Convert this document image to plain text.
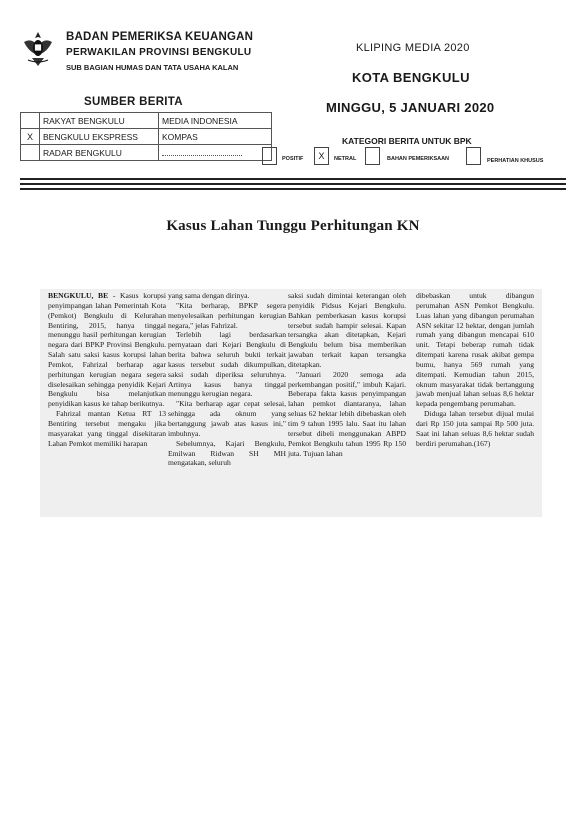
BADAN PEMERIKSA KEUANGAN
PERWAKILAN PROVINSI BENGKULU
SUB BAGIAN HUMAS DAN TATA USAHA KALAN
KLIPING MEDIA 2020
KOTA BENGKULU
MINGGU, 5 JANUARI 2020
SUMBER BERITA
	RAKYAT BENGKULU	MEDIA INDONESIA
X	BENGKULU EKSPRESS	KOMPAS
	RADAR BENGKULU	
KATEGORI BERITA UNTUK BPK
POSITIF	X	NETRAL	BAHAN PEMERIKSAAN	PERHATIAN KHUSUS
Kasus Lahan Tunggu Perhitungan KN

BENGKULU, BE - Kasus korupsi penyimpangan lahan Pemerintah Kota (Pemkot) Bengkulu di Kelurahan Bentiring, 2015, hanya tinggal menunggu hasil perhitungan kerugian negara dari BPKP Provinsi Bengkulu. Salah satu saksi kasus korupsi lahan Pemkot, Fahrizal berharap agar perhitungan kerugian negara segera diselesaikan sehingga penyidik Kejari Bengkulu bisa melanjutkan penyidikan kasus ke tahap berikutnya.

Fahrizal mantan Ketua RT 13 Bentiring tersebut mengaku jika masyarakat yang tinggal disekitaran Lahan Pemkot memiliki harapan

yang sama dengan dirinya.

"Kita berharap, BPKP segera menyelesaikan perhitungan kerugian negara," jelas Fahrizal.

Terlebih lagi berdasarkan pernyataan dari Kejari Bengkulu di berita bahwa seluruh bukti terkait kasus tersebut sudah dikumpulkan, saksi sudah diperiksa seluruhnya. Artinya kasus hanya tinggal menunggu kerugian negara.

"Kita berharap agar cepat selesai, sehingga ada oknum yang bertanggung jawab atas kasus ini," imbuhnya.

Sebelumnya, Kajari Bengkulu, Emilwan Ridwan SH MH mengatakan, seluruh

saksi sudah dimintai keterangan oleh penyidik Pidsus Kejari Bengkulu. Bahkan pemberkasan kasus korupsi tersebut sudah hampir selesai. Kapan tersangka akan ditetapkan, Kejari Bengkulu belum bisa memberikan jawaban terkait kapan tersangka ditetapkan.

"Januari 2020 semoga ada perkembangan positif," imbuh Kajari. Beberapa fakta kasus penyimpangan lahan pemkot diantaranya, lahan seluas 62 hektar lebih dibebaskan oleh tim 9 tahun 1995 lalu. Saat itu lahan tersebut dibeli menggunakan ABPD Pemkot Bengkulu tahun 1995 Rp 150 juta. Tujuan lahan

dibebaskan untuk dibangun perumahan ASN Pemkot Bengkulu. Luas lahan yang dibangun perumahan ASN sekitar 12 hektar, dengan jumlah rumah yang dibangun mencapai 610 unit. Tetapi beberap rumah tidak ditempati karena rusak akibat gempa bumu, hanya 569 rumah yang ditempati. Kemudian tahun 2015, oknum masyarakat tidak bertanggung jawab menjual lahan seluas 8,6 hektar kepada pengembang perumahan.

Diduga lahan tersebut dijual mulai dari Rp 150 juta sampai Rp 500 juta. Saat ini lahan seluas 8,6 hektar sudah berdiri perumahan.(167)
